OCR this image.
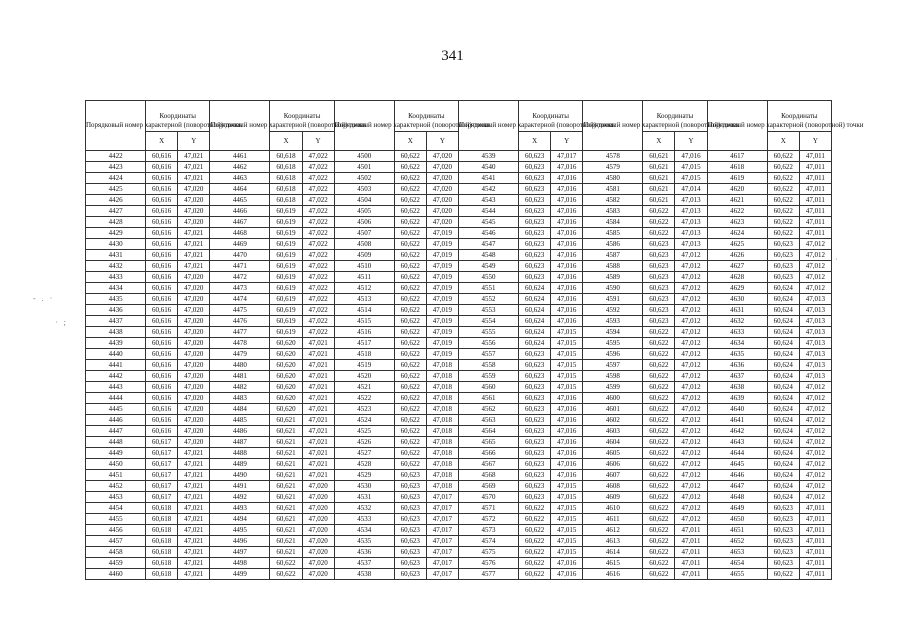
341
- . ·
· ;
·
Порядковый номер характерной (поворотной) точки	Координаты		Порядковый номер характерной (поворотной) точки	Координаты		Порядковый номер характерной (поворотной) точки	Координаты		Порядковый номер характерной (поворотной) точки	Координаты		Порядковый номер характерной (поворотной) точки	Координаты		Порядковый номер характерной (поворотной) точки	Координаты	
	X	Y		X	Y		X	Y		X	Y		X	Y		X	Y
4422	60,616	47,021	4461	60,618	47,022	4500	60,622	47,020	4539	60,623	47,017	4578	60,621	47,016	4617	60,622	47,011
4423	60,616	47,021	4462	60,618	47,022	4501	60,622	47,020	4540	60,623	47,016	4579	60,621	47,015	4618	60,622	47,011
4424	60,616	47,021	4463	60,618	47,022	4502	60,622	47,020	4541	60,623	47,016	4580	60,621	47,015	4619	60,622	47,011
4425	60,616	47,020	4464	60,618	47,022	4503	60,622	47,020	4542	60,623	47,016	4581	60,621	47,014	4620	60,622	47,011
4426	60,616	47,020	4465	60,618	47,022	4504	60,622	47,020	4543	60,623	47,016	4582	60,621	47,013	4621	60,622	47,011
4427	60,616	47,020	4466	60,619	47,022	4505	60,622	47,020	4544	60,623	47,016	4583	60,622	47,013	4622	60,622	47,011
4428	60,616	47,020	4467	60,619	47,022	4506	60,622	47,020	4545	60,623	47,016	4584	60,622	47,013	4623	60,622	47,011
4429	60,616	47,021	4468	60,619	47,022	4507	60,622	47,019	4546	60,623	47,016	4585	60,622	47,013	4624	60,622	47,011
4430	60,616	47,021	4469	60,619	47,022	4508	60,622	47,019	4547	60,623	47,016	4586	60,623	47,013	4625	60,623	47,012
4431	60,616	47,021	4470	60,619	47,022	4509	60,622	47,019	4548	60,623	47,016	4587	60,623	47,012	4626	60,623	47,012
4432	60,616	47,021	4471	60,619	47,022	4510	60,622	47,019	4549	60,623	47,016	4588	60,623	47,012	4627	60,623	47,012
4433	60,616	47,020	4472	60,619	47,022	4511	60,622	47,019	4550	60,623	47,016	4589	60,623	47,012	4628	60,623	47,012
4434	60,616	47,020	4473	60,619	47,022	4512	60,622	47,019	4551	60,624	47,016	4590	60,623	47,012	4629	60,624	47,012
4435	60,616	47,020	4474	60,619	47,022	4513	60,622	47,019	4552	60,624	47,016	4591	60,623	47,012	4630	60,624	47,013
4436	60,616	47,020	4475	60,619	47,022	4514	60,622	47,019	4553	60,624	47,016	4592	60,623	47,012	4631	60,624	47,013
4437	60,616	47,020	4476	60,619	47,022	4515	60,622	47,019	4554	60,624	47,016	4593	60,623	47,012	4632	60,624	47,013
4438	60,616	47,020	4477	60,619	47,022	4516	60,622	47,019	4555	60,624	47,015	4594	60,622	47,012	4633	60,624	47,013
4439	60,616	47,020	4478	60,620	47,021	4517	60,622	47,019	4556	60,624	47,015	4595	60,622	47,012	4634	60,624	47,013
4440	60,616	47,020	4479	60,620	47,021	4518	60,622	47,019	4557	60,623	47,015	4596	60,622	47,012	4635	60,624	47,013
4441	60,616	47,020	4480	60,620	47,021	4519	60,622	47,018	4558	60,623	47,015	4597	60,622	47,012	4636	60,624	47,013
4442	60,616	47,020	4481	60,620	47,021	4520	60,622	47,018	4559	60,623	47,015	4598	60,622	47,012	4637	60,624	47,013
4443	60,616	47,020	4482	60,620	47,021	4521	60,622	47,018	4560	60,623	47,015	4599	60,622	47,012	4638	60,624	47,012
4444	60,616	47,020	4483	60,620	47,021	4522	60,622	47,018	4561	60,623	47,016	4600	60,622	47,012	4639	60,624	47,012
4445	60,616	47,020	4484	60,620	47,021	4523	60,622	47,018	4562	60,623	47,016	4601	60,622	47,012	4640	60,624	47,012
4446	60,616	47,020	4485	60,621	47,021	4524	60,622	47,018	4563	60,623	47,016	4602	60,622	47,012	4641	60,624	47,012
4447	60,616	47,020	4486	60,621	47,021	4525	60,622	47,018	4564	60,623	47,016	4603	60,622	47,012	4642	60,624	47,012
4448	60,617	47,020	4487	60,621	47,021	4526	60,622	47,018	4565	60,623	47,016	4604	60,622	47,012	4643	60,624	47,012
4449	60,617	47,021	4488	60,621	47,021	4527	60,622	47,018	4566	60,623	47,016	4605	60,622	47,012	4644	60,624	47,012
4450	60,617	47,021	4489	60,621	47,021	4528	60,622	47,018	4567	60,623	47,016	4606	60,622	47,012	4645	60,624	47,012
4451	60,617	47,021	4490	60,621	47,021	4529	60,623	47,018	4568	60,623	47,016	4607	60,622	47,012	4646	60,624	47,012
4452	60,617	47,021	4491	60,621	47,020	4530	60,623	47,018	4569	60,623	47,015	4608	60,622	47,012	4647	60,624	47,012
4453	60,617	47,021	4492	60,621	47,020	4531	60,623	47,017	4570	60,623	47,015	4609	60,622	47,012	4648	60,624	47,012
4454	60,618	47,021	4493	60,621	47,020	4532	60,623	47,017	4571	60,622	47,015	4610	60,622	47,012	4649	60,623	47,011
4455	60,618	47,021	4494	60,621	47,020	4533	60,623	47,017	4572	60,622	47,015	4611	60,622	47,012	4650	60,623	47,011
4456	60,618	47,021	4495	60,621	47,020	4534	60,623	47,017	4573	60,622	47,015	4612	60,622	47,011	4651	60,623	47,011
4457	60,618	47,021	4496	60,621	47,020	4535	60,623	47,017	4574	60,622	47,015	4613	60,622	47,011	4652	60,623	47,011
4458	60,618	47,021	4497	60,621	47,020	4536	60,623	47,017	4575	60,622	47,015	4614	60,622	47,011	4653	60,623	47,011
4459	60,618	47,021	4498	60,622	47,020	4537	60,623	47,017	4576	60,622	47,016	4615	60,622	47,011	4654	60,623	47,011
4460	60,618	47,021	4499	60,622	47,020	4538	60,623	47,017	4577	60,622	47,016	4616	60,622	47,011	4655	60,622	47,011
